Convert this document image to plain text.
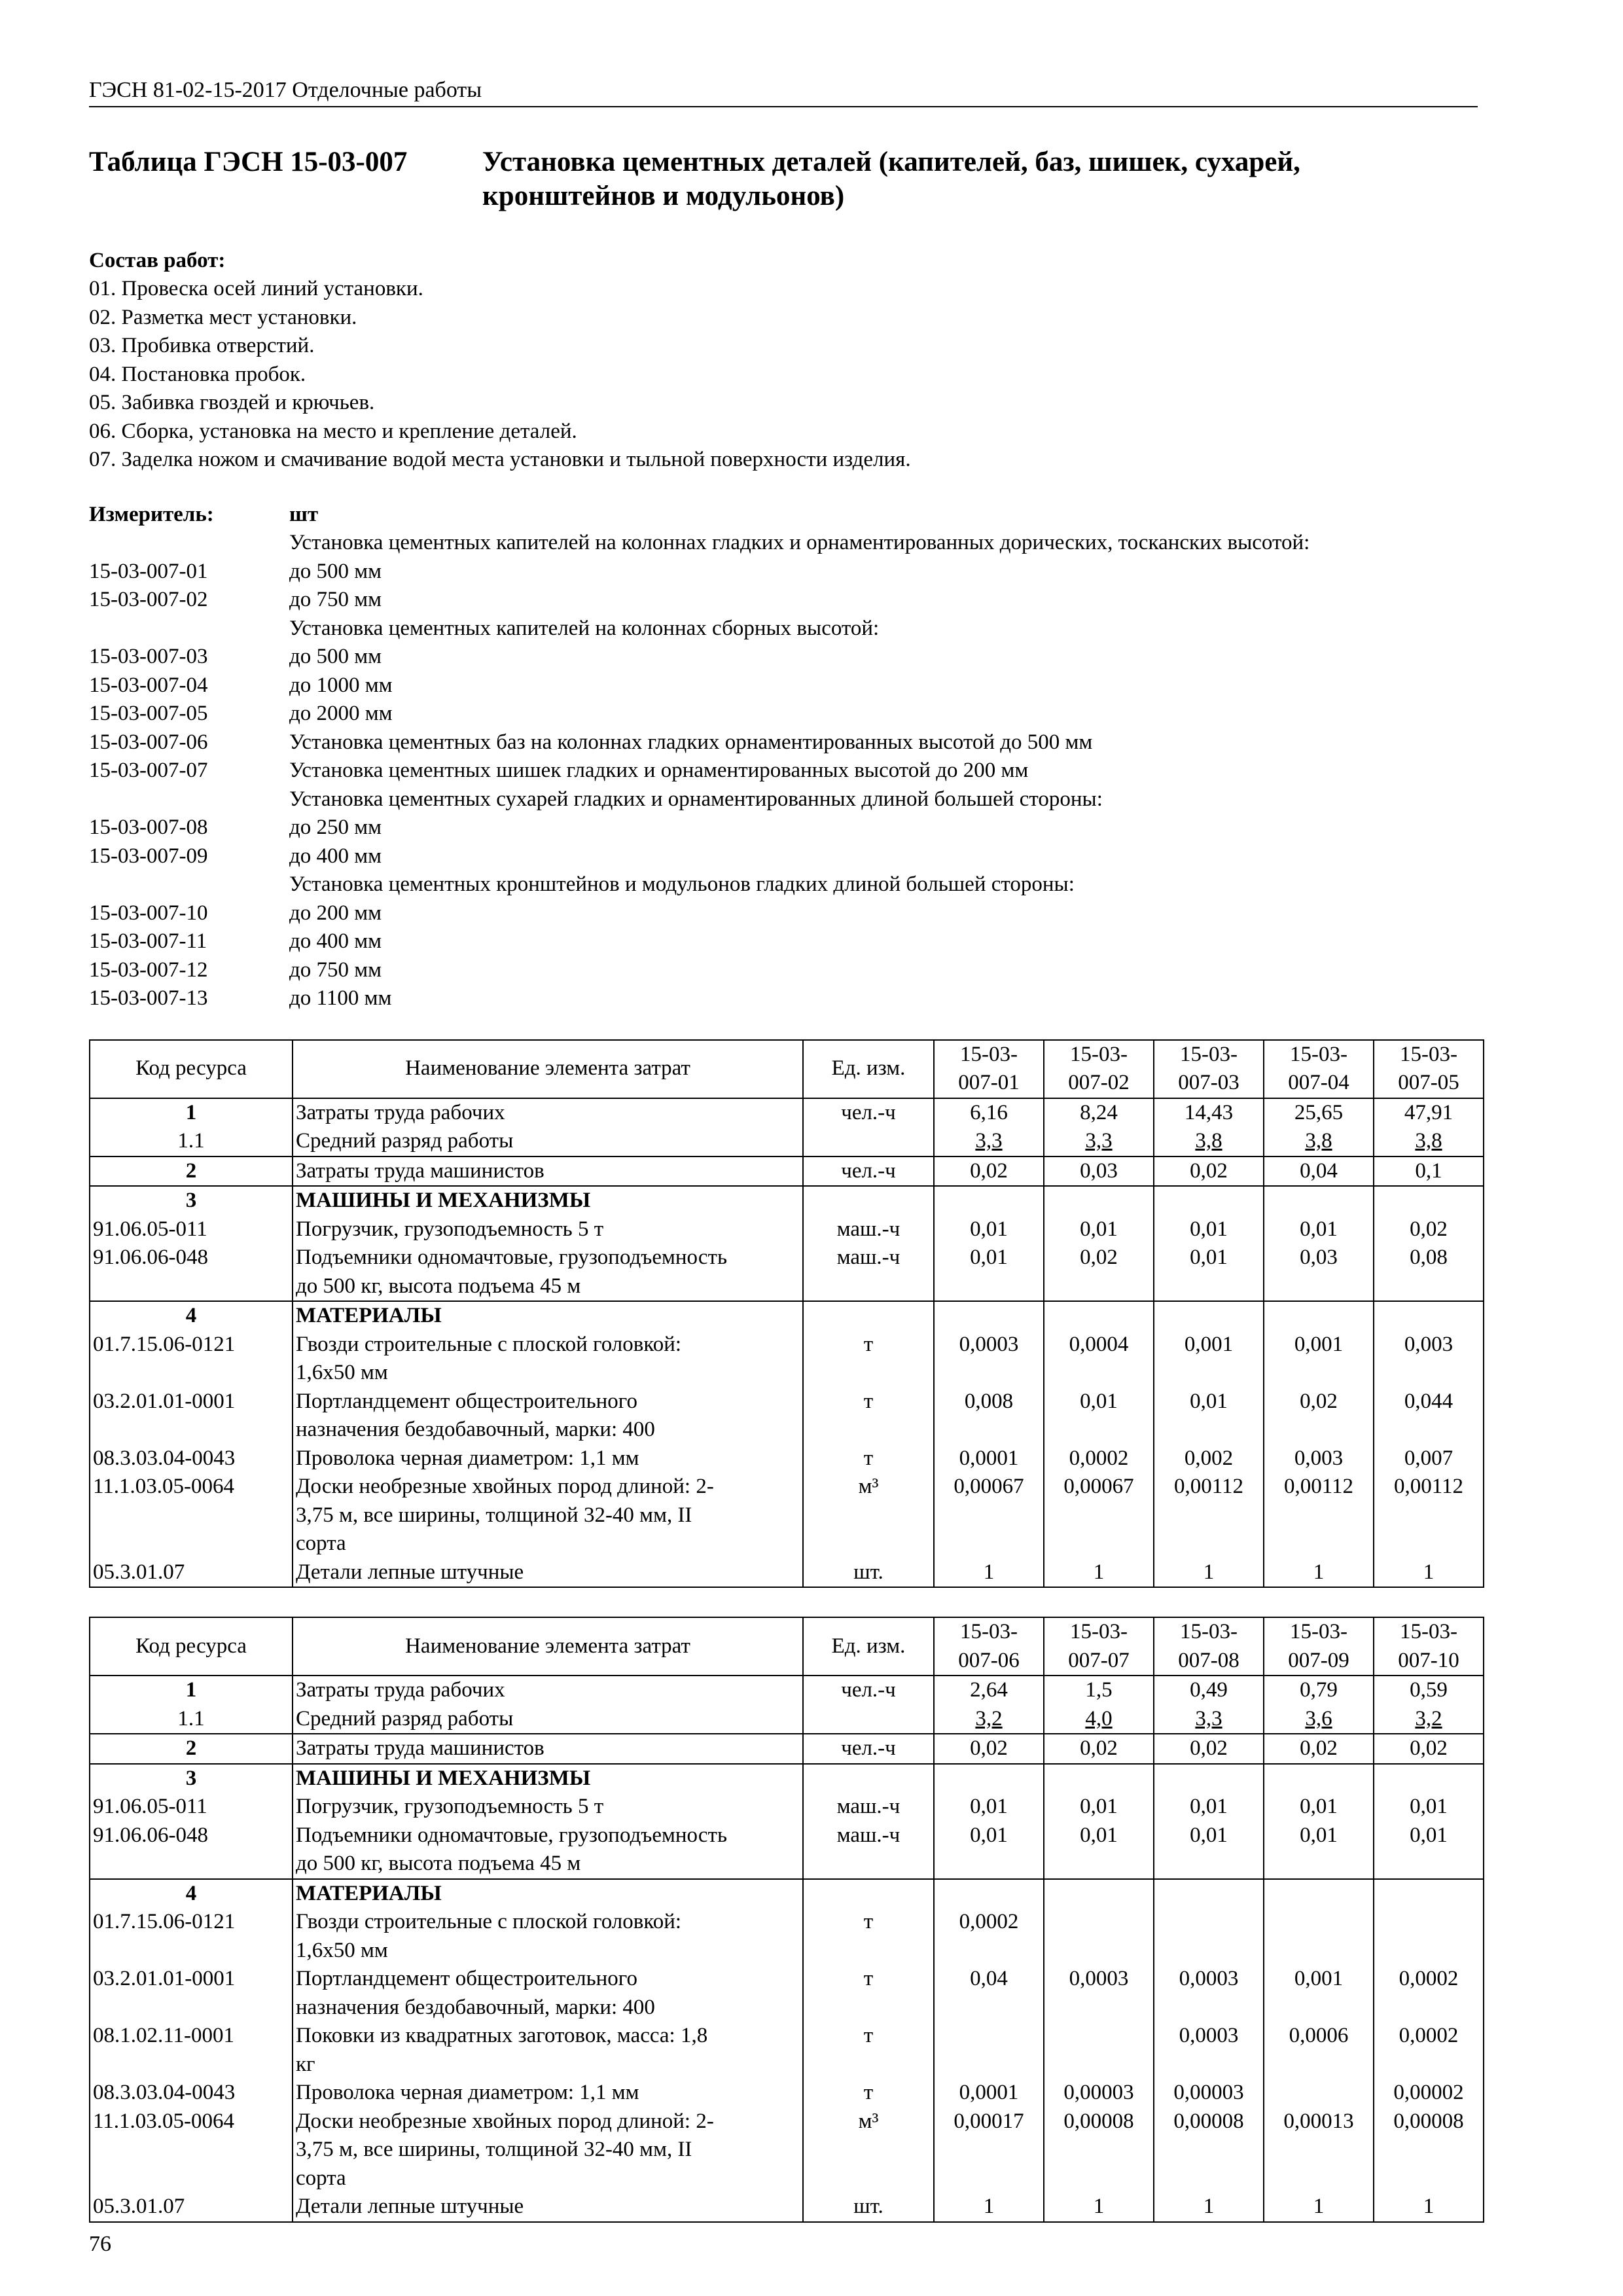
ГЭСН 81-02-15-2017 Отделочные работы
Таблица ГЭСН 15-03-007	Установка цементных деталей (капителей, баз, шишек, сухарей,
кронштейнов и модульонов)
Состав работ:
01. Провеска осей линий установки.
02. Разметка мест установки.
03. Пробивка отверстий.
04. Постановка пробок.
05. Забивка гвоздей и крючьев.
06. Сборка, установка на место и крепление деталей.
07. Заделка ножом и смачивание водой места установки и тыльной поверхности изделия.
Измеритель:	шт
Установка цементных капителей на колоннах гладких и орнаментированных дорических, тосканских высотой:
15-03-007-01	до 500 мм
15-03-007-02	до 750 мм
Установка цементных капителей на колоннах сборных высотой:
15-03-007-03	до 500 мм
15-03-007-04	до 1000 мм
15-03-007-05	до 2000 мм
15-03-007-06	Установка цементных баз на колоннах гладких орнаментированных высотой до 500 мм
15-03-007-07	Установка цементных шишек гладких и орнаментированных высотой до 200 мм
Установка цементных сухарей гладких и орнаментированных длиной большей стороны:
15-03-007-08	до 250 мм
15-03-007-09	до 400 мм
Установка цементных кронштейнов и модульонов гладких длиной большей стороны:
15-03-007-10	до 200 мм
15-03-007-11	до 400 мм
15-03-007-12	до 750 мм
15-03-007-13	до 1100 мм
Код ресурса	Наименование элемента затрат	Ед. изм.	15-03-
007-01	15-03-
007-02	15-03-
007-03	15-03-
007-04	15-03-
007-05
1	Затраты труда рабочих	чел.-ч	6,16	8,24	14,43	25,65	47,91
1.1	Средний разряд работы		3,3	3,3	3,8	3,8	3,8
2	Затраты труда машинистов	чел.-ч	0,02	0,03	0,02	0,04	0,1
3	МАШИНЫ И МЕХАНИЗМЫ						
91.06.05-011	Погрузчик, грузоподъемность 5 т	маш.-ч	0,01	0,01	0,01	0,01	0,02
91.06.06-048	Подъемники одномачтовые, грузоподъемность
до 500 кг, высота подъема 45 м	маш.-ч	0,01	0,02	0,01	0,03	0,08
4	МАТЕРИАЛЫ						
01.7.15.06-0121	Гвозди строительные с плоской головкой:
1,6x50 мм	т	0,0003	0,0004	0,001	0,001	0,003
03.2.01.01-0001	Портландцемент общестроительного
назначения бездобавочный, марки: 400	т	0,008	0,01	0,01	0,02	0,044
08.3.03.04-0043	Проволока черная диаметром: 1,1 мм	т	0,0001	0,0002	0,002	0,003	0,007
11.1.03.05-0064	Доски необрезные хвойных пород длиной: 2-
3,75 м, все ширины, толщиной 32-40 мм, II
сорта	м³	0,00067	0,00067	0,00112	0,00112	0,00112
05.3.01.07	Детали лепные штучные	шт.	1	1	1	1	1
Код ресурса	Наименование элемента затрат	Ед. изм.	15-03-
007-06	15-03-
007-07	15-03-
007-08	15-03-
007-09	15-03-
007-10
1	Затраты труда рабочих	чел.-ч	2,64	1,5	0,49	0,79	0,59
1.1	Средний разряд работы		3,2	4,0	3,3	3,6	3,2
2	Затраты труда машинистов	чел.-ч	0,02	0,02	0,02	0,02	0,02
3	МАШИНЫ И МЕХАНИЗМЫ						
91.06.05-011	Погрузчик, грузоподъемность 5 т	маш.-ч	0,01	0,01	0,01	0,01	0,01
91.06.06-048	Подъемники одномачтовые, грузоподъемность
до 500 кг, высота подъема 45 м	маш.-ч	0,01	0,01	0,01	0,01	0,01
4	МАТЕРИАЛЫ						
01.7.15.06-0121	Гвозди строительные с плоской головкой:
1,6x50 мм	т	0,0002				
03.2.01.01-0001	Портландцемент общестроительного
назначения бездобавочный, марки: 400	т	0,04	0,0003	0,0003	0,001	0,0002
08.1.02.11-0001	Поковки из квадратных заготовок, масса: 1,8
кг	т			0,0003	0,0006	0,0002
08.3.03.04-0043	Проволока черная диаметром: 1,1 мм	т	0,0001	0,00003	0,00003		0,00002
11.1.03.05-0064	Доски необрезные хвойных пород длиной: 2-
3,75 м, все ширины, толщиной 32-40 мм, II
сорта	м³	0,00017	0,00008	0,00008	0,00013	0,00008
05.3.01.07	Детали лепные штучные	шт.	1	1	1	1	1
76
